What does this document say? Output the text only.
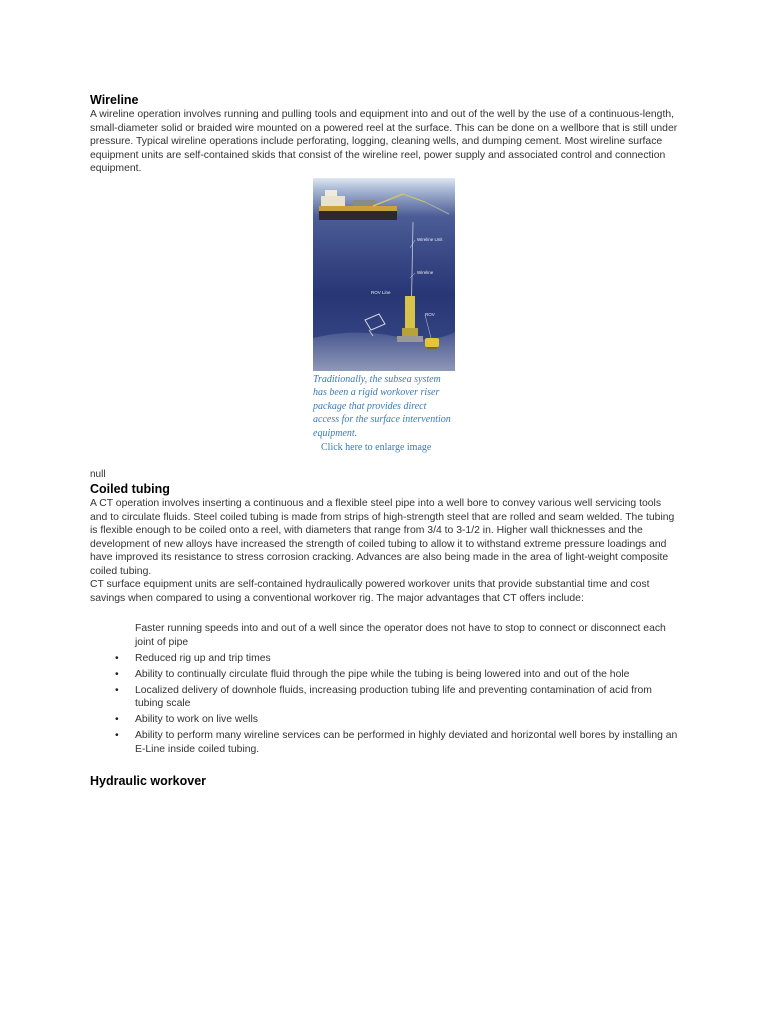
Wireline

A wireline operation involves running and pulling tools and equipment into and out of the well by the use of a continuous-length, small-diameter solid or braided wire mounted on a powered reel at the surface. This can be done on a wellbore that is still under pressure. Typical wireline operations include perforating, logging, cleaning wells, and dumping cement. Most wireline surface equipment units are self-contained skids that consist of the wireline reel, power supply and associated control and connection equipment.

Wireline Unit
Wireline
ROV Line
ROV
Traditionally, the subsea system has been a rigid workover riser package that provides direct access for the surface intervention equipment.
Click here to enlarge image
null
Coiled tubing

A CT operation involves inserting a continuous and a flexible steel pipe into a well bore to convey various well servicing tools and to circulate fluids. Steel coiled tubing is made from strips of high-strength steel that are rolled and seam welded. The tubing is flexible enough to be coiled onto a reel, with diameters that range from 3/4 to 3-1/2 in. Higher wall thicknesses and the development of new alloys have increased the strength of coiled tubing to allow it to withstand extreme pressure loadings and have improved its resistance to stress corrosion cracking. Advances are also being made in the area of light-weight composite coiled tubing.

CT surface equipment units are self-contained hydraulically powered workover units that provide substantial time and cost savings when compared to using a conventional workover rig. The major advantages that CT offers include:

Faster running speeds into and out of a well since the operator does not have to stop to connect or disconnect each joint of pipe
• Reduced rig up and trip times
• Ability to continually circulate fluid through the pipe while the tubing is being lowered into and out of the hole
• Localized delivery of downhole fluids, increasing production tubing life and preventing contamination of acid from tubing scale
• Ability to work on live wells
• Ability to perform many wireline services can be performed in highly deviated and horizontal well bores by installing an E-Line inside coiled tubing.
Hydraulic workover
